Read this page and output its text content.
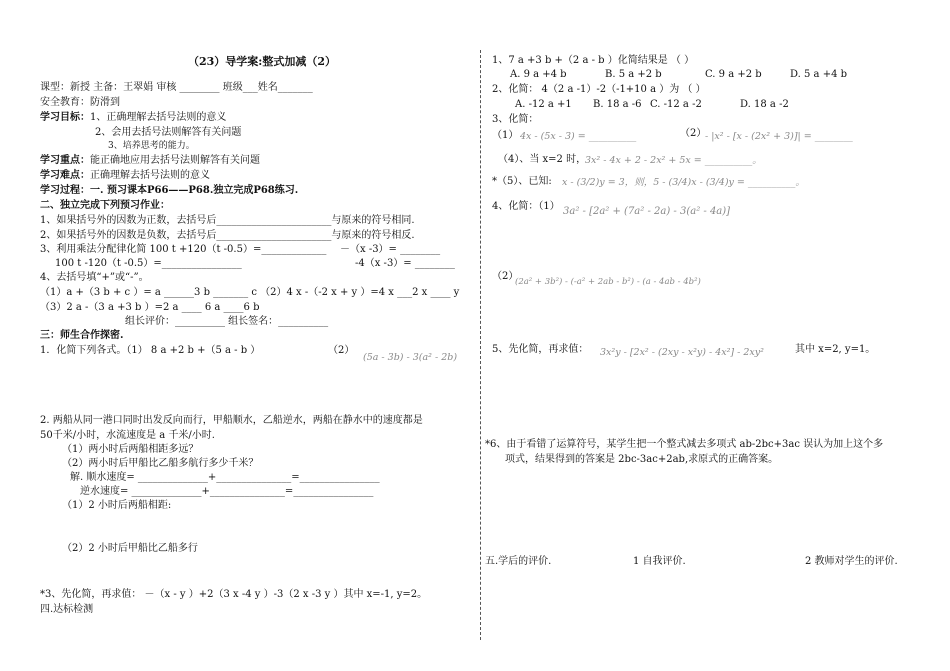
（23）导学案:整式加减（2）
课型：新授 主备：王翠娟 审核 ________ 班级___姓名_______
安全教育：防滑到
学习目标：1、正确理解去括号法则的意义
2、会用去括号法则解答有关问题
3、培养思考的能力。
学习重点：能正确地应用去括号法则解答有关问题
学习难点：正确理解去括号法则的意义
学习过程：一. 预习课本P66——P68.独立完成P68练习.
二、独立完成下列预习作业：
1、如果括号外的因数为正数，去括号后_______________________与原来的符号相同.
2、如果括号外的因数是负数，去括号后_______________________与原来的符号相反.
3、利用乘法分配律化简 100 t +120（t -0.5）=_____________ －（x -3）= ________
100 t -120（t -0.5）=________________	-4（x -3）= ________
4、去括号填“+”或“-”。
（1）a +（3 b + c ）= a ______3 b _______ c （2）4 x -（-2 x + y ）=4 x ___2 x ____ y
（3）2 a -（3 a +3 b ）=2 a ____ 6 a ____6 b
组长评价：__________ 组长签名：__________
三：师生合作探密.
1．化简下列各式。（1） 8 a +2 b +（5 a - b ）	（2）
(5a - 3b) - 3(a² - 2b)
2. 两船从同一港口同时出发反向而行，甲船顺水，乙船逆水，两船在静水中的速度都是
50千米/小时，水流速度是 a 千米/小时.
（1）两小时后两船相距多远？
（2）两小时后甲船比乙船多航行多少千米？
解. 顺水速度= ______________+_______________=________________
逆水速度= ______________+_______________=________________
（1）2 小时后两船相距:
（2）2 小时后甲船比乙船多行
*3、先化简，再求值： －（x - y ）+2（3 x -4 y ）-3（2 x -3 y ）其中 x=-1, y=2。
四.达标检测
1、7 a +3 b +（2 a - b ）化简结果是 （ ）
A. 9 a +4 b	B. 5 a +2 b	C. 9 a +2 b	D. 5 a +4 b
2、化简： 4（2 a -1）-2（-1+10 a ）为 （ ）
A. -12 a +1 B. 18 a -6 C. -12 a -2	D. 18 a -2
3、化简：
（1） 4x - (5x - 3) = __________	（2）
- |x² - [x - (2x² + 3)]| = ________
（4）、当 x=2 时，
3x² - 4x + 2 - 2x² + 5x = __________。
*（5）、已知: x - (3/2)y = 3，则，5 - (3/4)x - (3/4)y = __________。
4、化简：（1） 3a² - [2a² + (7a² - 2a) - 3(a² - 4a)]
（2）
(2a² + 3b²) - (-a² + 2ab - b²) - (a - 4ab - 4b²)
5、先化简，再求值： 3x²y - [2x² - (2xy - x²y) - 4x²] - 2xy²	其中 x=2, y=1。
*6、由于看错了运算符号，某学生把一个整式减去多项式 ab-2bc+3ac 误认为加上这个多
项式，结果得到的答案是 2bc-3ac+2ab,求原式的正确答案。
五.学后的评价.	1 自我评价.	2 教师对学生的评价.
